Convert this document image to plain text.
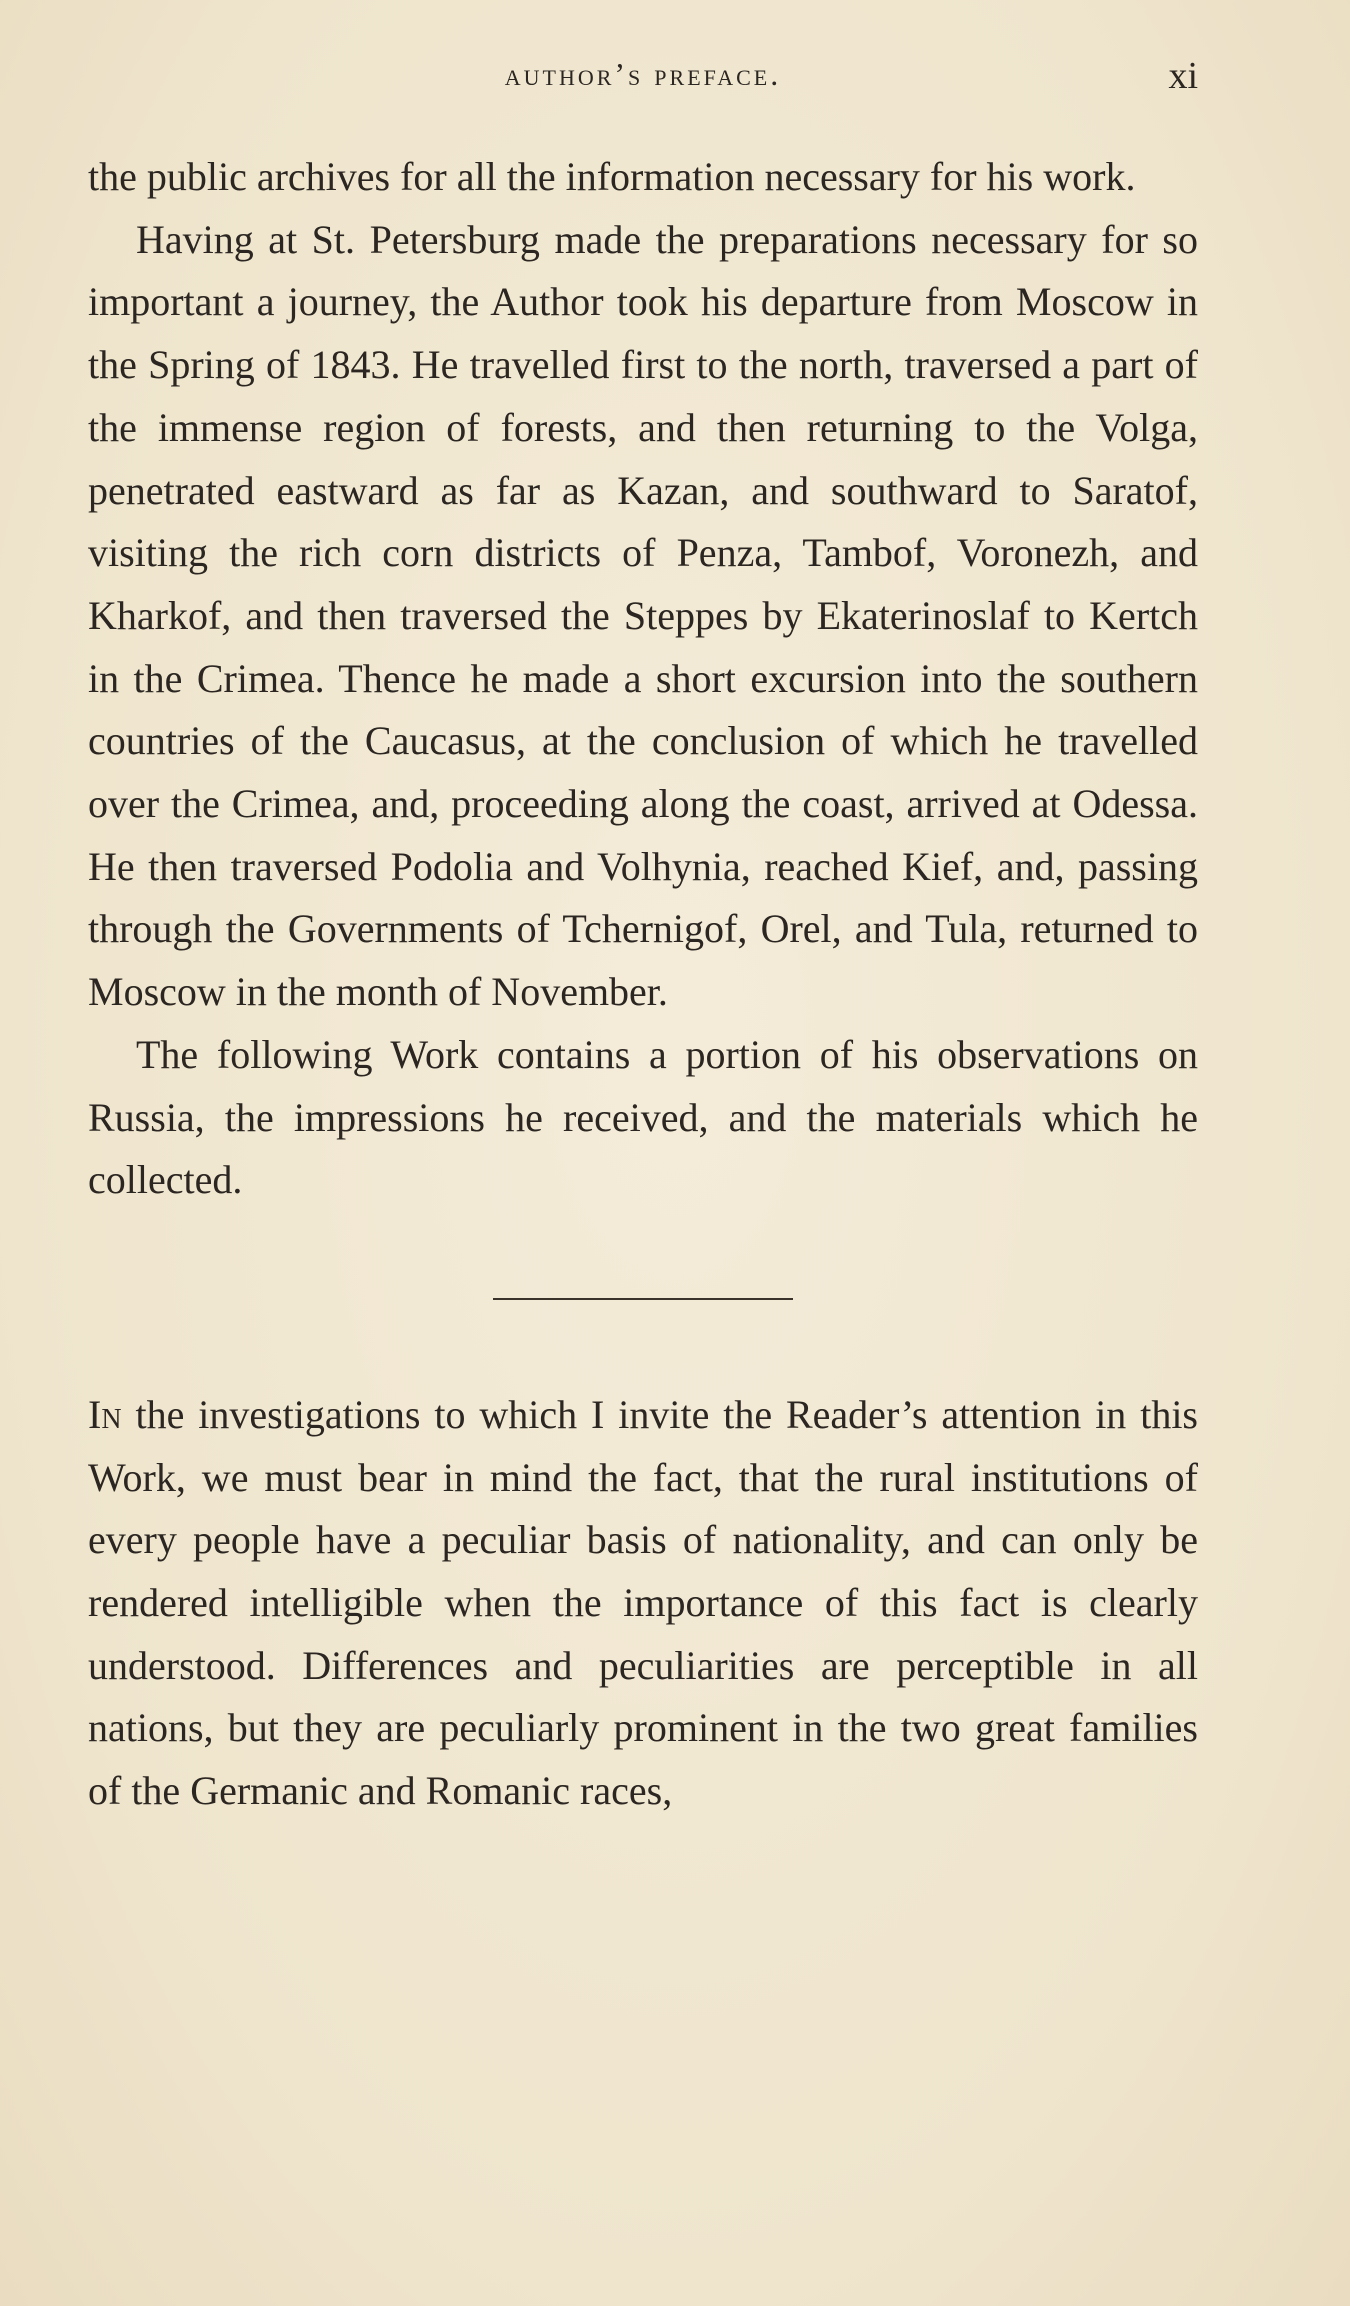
author’s preface.	xi

the public archives for all the information necessary for his work.

Having at St. Petersburg made the preparations necessary for so important a journey, the Author took his departure from Moscow in the Spring of 1843. He travelled first to the north, traversed a part of the immense region of forests, and then returning to the Volga, penetrated eastward as far as Kazan, and southward to Saratof, visiting the rich corn districts of Penza, Tambof, Voronezh, and Kharkof, and then traversed the Steppes by Ekaterinoslaf to Kertch in the Crimea. Thence he made a short excursion into the southern countries of the Caucasus, at the conclusion of which he travelled over the Crimea, and, proceeding along the coast, arrived at Odessa. He then traversed Podolia and Volhynia, reached Kief, and, passing through the Governments of Tchernigof, Orel, and Tula, returned to Moscow in the month of November.

The following Work contains a portion of his observations on Russia, the impressions he received, and the materials which he collected.

In the investigations to which I invite the Reader’s attention in this Work, we must bear in mind the fact, that the rural institutions of every people have a peculiar basis of nationality, and can only be rendered intelligible when the importance of this fact is clearly understood. Differences and peculiarities are perceptible in all nations, but they are peculiarly prominent in the two great families of the Germanic and Romanic races,
